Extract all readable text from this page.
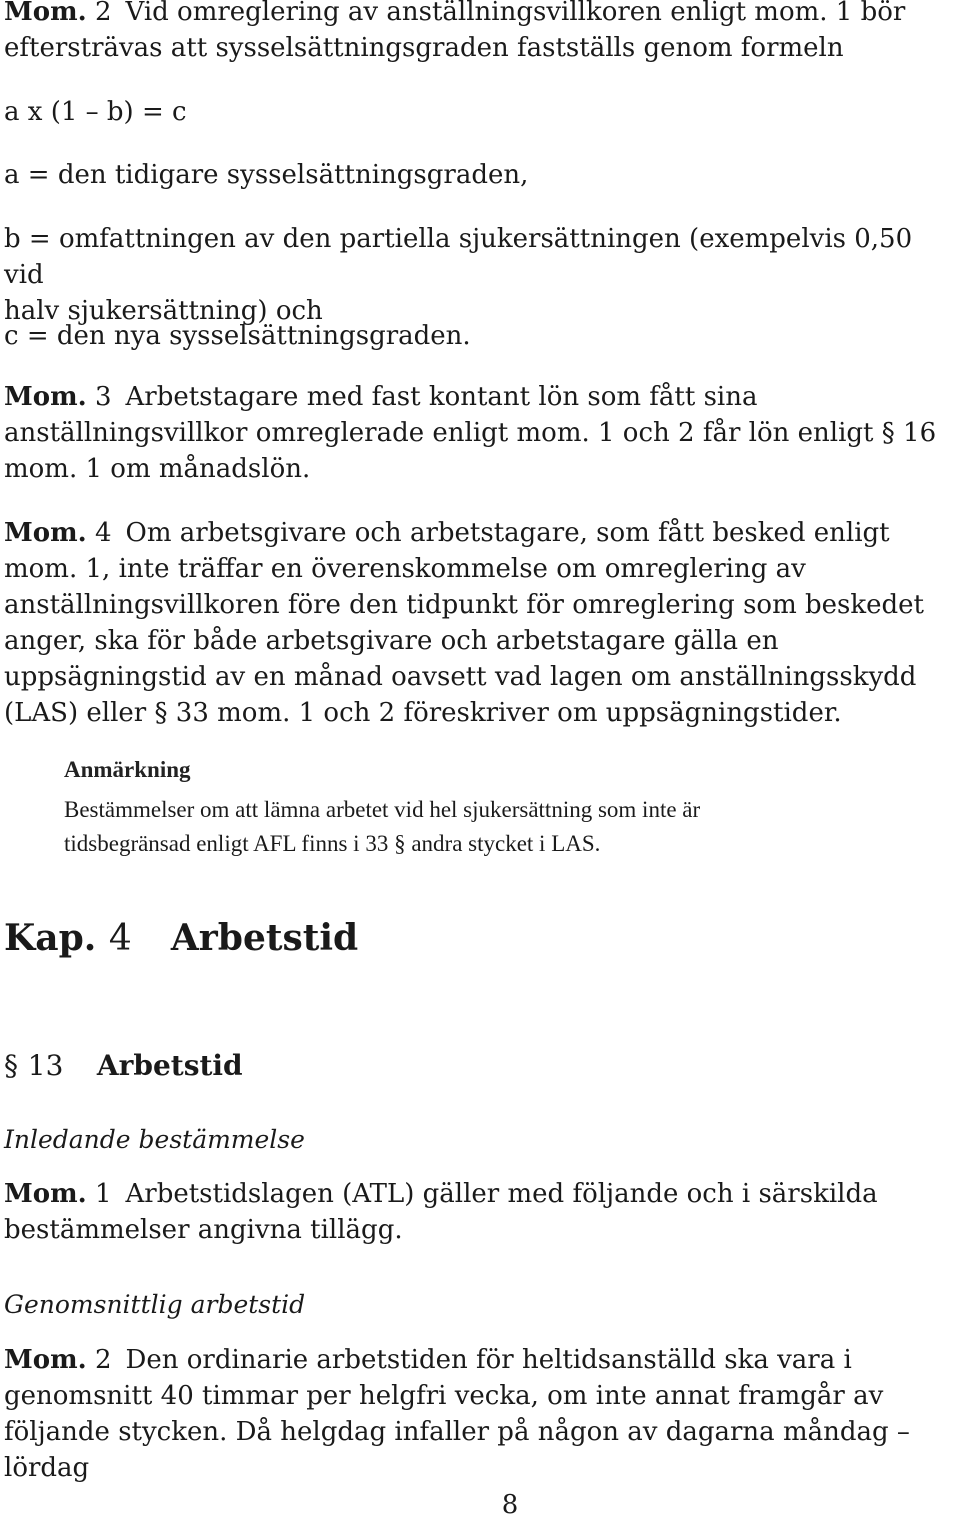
Mom. 2 Vid omreglering av anställningsvillkoren enligt mom. 1 bör
eftersträvas att sysselsättningsgraden fastställs genom formeln
a x (1 – b) = c
a = den tidigare sysselsättningsgraden,
b = omfattningen av den partiella sjukersättningen (exempelvis 0,50 vid
halv sjukersättning) och
c = den nya sysselsättningsgraden.
Mom. 3 Arbetstagare med fast kontant lön som fått sina
anställningsvillkor omreglerade enligt mom. 1 och 2 får lön enligt § 16
mom. 1 om månadslön.
Mom. 4 Om arbetsgivare och arbetstagare, som fått besked enligt
mom. 1, inte träffar en överenskommelse om omreglering av
anställningsvillkoren före den tidpunkt för omreglering som beskedet
anger, ska för både arbetsgivare och arbetstagare gälla en
uppsägningstid av en månad oavsett vad lagen om anställningsskydd
(LAS) eller § 33 mom. 1 och 2 föreskriver om uppsägningstider.
Anmärkning
Bestämmelser om att lämna arbetet vid hel sjukersättning som inte är
tidsbegränsad enligt AFL finns i 33 § andra stycket i LAS.
Kap. 4 Arbetstid
§ 13 Arbetstid
Inledande bestämmelse
Mom. 1 Arbetstidslagen (ATL) gäller med följande och i särskilda
bestämmelser angivna tillägg.
Genomsnittlig arbetstid
Mom. 2 Den ordinarie arbetstiden för heltidsanställd ska vara i
genomsnitt 40 timmar per helgfri vecka, om inte annat framgår av
följande stycken. Då helgdag infaller på någon av dagarna måndag –
lördag
8
